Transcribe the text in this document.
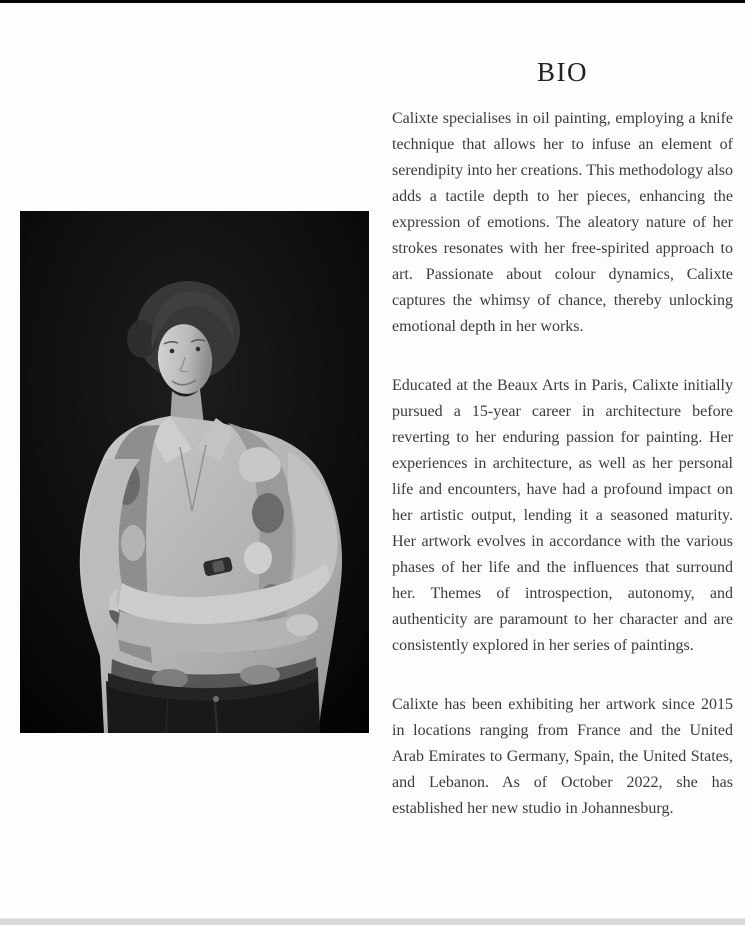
BIO

Calixte specialises in oil painting, employing a knife technique that allows her to infuse an element of serendipity into her creations. This methodology also adds a tactile depth to her pieces, enhancing the expression of emotions. The aleatory nature of her strokes resonates with her free-spirited approach to art. Passionate about colour dynamics, Calixte captures the whimsy of chance, thereby unlocking emotional depth in her works.

Educated at the Beaux Arts in Paris, Calixte initially pursued a 15-year career in architecture before reverting to her enduring passion for painting. Her experiences in architecture, as well as her personal life and encounters, have had a profound impact on her artistic output, lending it a seasoned maturity. Her artwork evolves in accordance with the various phases of her life and the influences that surround her. Themes of introspection, autonomy, and authenticity are paramount to her character and are consistently explored in her series of paintings.

Calixte has been exhibiting her artwork since 2015 in locations ranging from France and the United Arab Emirates to Germany, Spain, the United States, and Lebanon. As of October 2022, she has established her new studio in Johannesburg.
